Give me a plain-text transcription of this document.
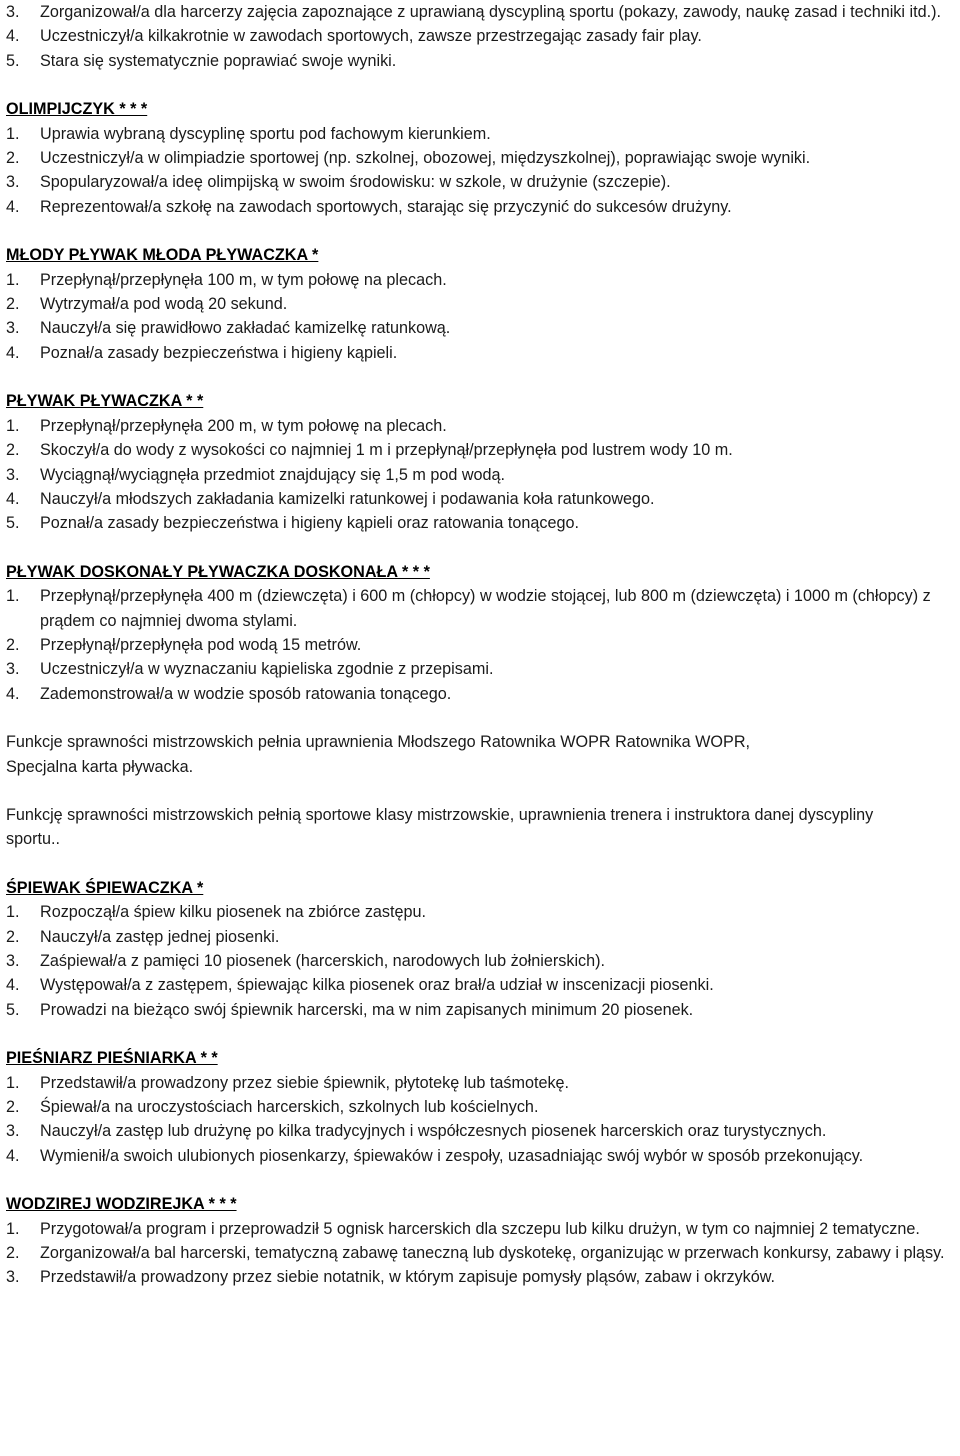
3.	Zorganizował/a dla harcerzy zajęcia zapoznające z uprawianą dyscypliną sportu (pokazy, zawody, naukę zasad i techniki itd.).
4.	Uczestniczył/a kilkakrotnie w zawodach sportowych, zawsze przestrzegając zasady fair play.
5.	Stara się systematycznie poprawiać swoje wyniki.
OLIMPIJCZYK * * *
1.	Uprawia wybraną dyscyplinę sportu pod fachowym kierunkiem.
2.	Uczestniczył/a w olimpiadzie sportowej (np. szkolnej, obozowej, międzyszkolnej), poprawiając swoje wyniki.
3.	Spopularyzował/a ideę olimpijską w swoim środowisku: w szkole, w drużynie (szczepie).
4.	Reprezentował/a szkołę na zawodach sportowych, starając się przyczynić do sukcesów drużyny.
MŁODY PŁYWAK MŁODA PŁYWACZKA *
1.	Przepłynął/przepłynęła 100 m, w tym połowę na plecach.
2.	Wytrzymał/a pod wodą 20 sekund.
3.	Nauczył/a się prawidłowo zakładać kamizelkę ratunkową.
4.	Poznał/a zasady bezpieczeństwa i higieny kąpieli.
PŁYWAK PŁYWACZKA * *
1.	Przepłynął/przepłynęła 200 m, w tym połowę na plecach.
2.	Skoczył/a do wody z wysokości co najmniej 1 m i przepłynął/przepłynęła pod lustrem wody 10 m.
3.	Wyciągnął/wyciągnęła przedmiot znajdujący się 1,5 m pod wodą.
4.	Nauczył/a młodszych zakładania kamizelki ratunkowej i podawania koła ratunkowego.
5.	Poznał/a zasady bezpieczeństwa i higieny kąpieli oraz ratowania tonącego.
PŁYWAK DOSKONAŁY PŁYWACZKA DOSKONAŁA * * *
1.	Przepłynął/przepłynęła 400 m (dziewczęta) i 600 m (chłopcy) w wodzie stojącej, lub 800 m (dziewczęta) i 1000 m (chłopcy) z prądem co najmniej dwoma stylami.
2.	Przepłynął/przepłynęła pod wodą 15 metrów.
3.	Uczestniczył/a w wyznaczaniu kąpieliska zgodnie z przepisami.
4.	Zademonstrował/a w wodzie sposób ratowania tonącego.
Funkcje sprawności mistrzowskich pełnia uprawnienia Młodszego Ratownika WOPR Ratownika WOPR, Specjalna karta pływacka.
Funkcję sprawności mistrzowskich pełnią sportowe klasy mistrzowskie, uprawnienia trenera i instruktora danej dyscypliny sportu..
ŚPIEWAK ŚPIEWACZKA *
1.	Rozpoczął/a śpiew kilku piosenek na zbiórce zastępu.
2.	Nauczył/a zastęp jednej piosenki.
3.	Zaśpiewał/a z pamięci 10 piosenek (harcerskich, narodowych lub żołnierskich).
4.	Występował/a z zastępem, śpiewając kilka piosenek oraz brał/a udział w inscenizacji piosenki.
5.	Prowadzi na bieżąco swój śpiewnik harcerski, ma w nim zapisanych minimum 20 piosenek.
PIEŚNIARZ PIEŚNIARKA * *
1.	Przedstawił/a prowadzony przez siebie śpiewnik, płytotekę lub taśmotekę.
2.	Śpiewał/a na uroczystościach harcerskich, szkolnych lub kościelnych.
3.	Nauczył/a zastęp lub drużynę po kilka tradycyjnych i współczesnych piosenek harcerskich oraz turystycznych.
4.	Wymienił/a swoich ulubionych piosenkarzy, śpiewaków i zespoły, uzasadniając swój wybór w sposób przekonujący.
WODZIREJ WODZIREJKA * * *
1.	Przygotował/a program i przeprowadził 5 ognisk harcerskich dla szczepu lub kilku drużyn, w tym co najmniej 2 tematyczne.
2.	Zorganizował/a bal harcerski, tematyczną zabawę taneczną lub dyskotekę, organizując w przerwach konkursy, zabawy i pląsy.
3.	Przedstawił/a prowadzony przez siebie notatnik, w którym zapisuje pomysły pląsów, zabaw i okrzyków.
